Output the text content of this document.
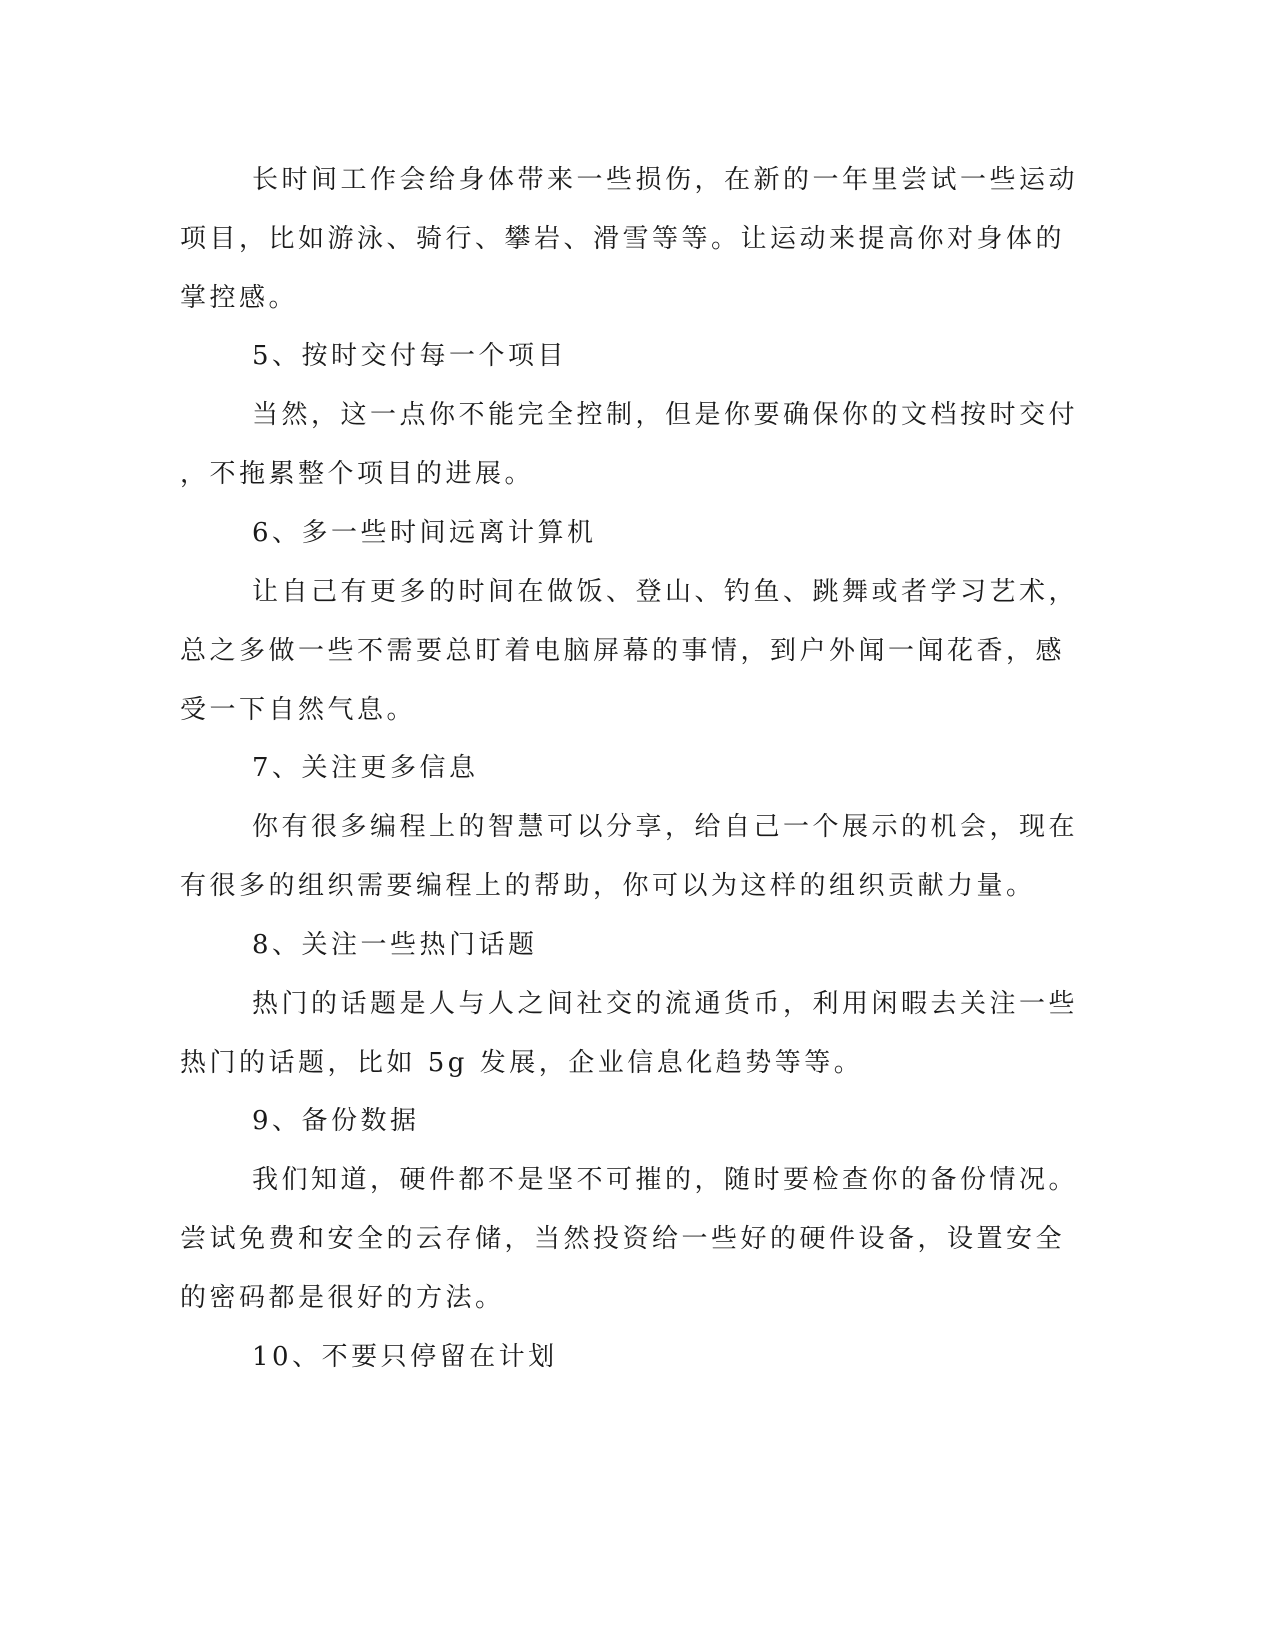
长时间工作会给身体带来一些损伤，在新的一年里尝试一些运动

项目，比如游泳、骑行、攀岩、滑雪等等。让运动来提高你对身体的

掌控感。

5、按时交付每一个项目

当然，这一点你不能完全控制，但是你要确保你的文档按时交付

，不拖累整个项目的进展。

6、多一些时间远离计算机

让自己有更多的时间在做饭、登山、钓鱼、跳舞或者学习艺术，

总之多做一些不需要总盯着电脑屏幕的事情，到户外闻一闻花香，感

受一下自然气息。

7、关注更多信息

你有很多编程上的智慧可以分享，给自己一个展示的机会，现在

有很多的组织需要编程上的帮助，你可以为这样的组织贡献力量。

8、关注一些热门话题

热门的话题是人与人之间社交的流通货币，利用闲暇去关注一些

热门的话题，比如 5g 发展，企业信息化趋势等等。

9、备份数据

我们知道，硬件都不是坚不可摧的，随时要检查你的备份情况。

尝试免费和安全的云存储，当然投资给一些好的硬件设备，设置安全

的密码都是很好的方法。

10、不要只停留在计划
